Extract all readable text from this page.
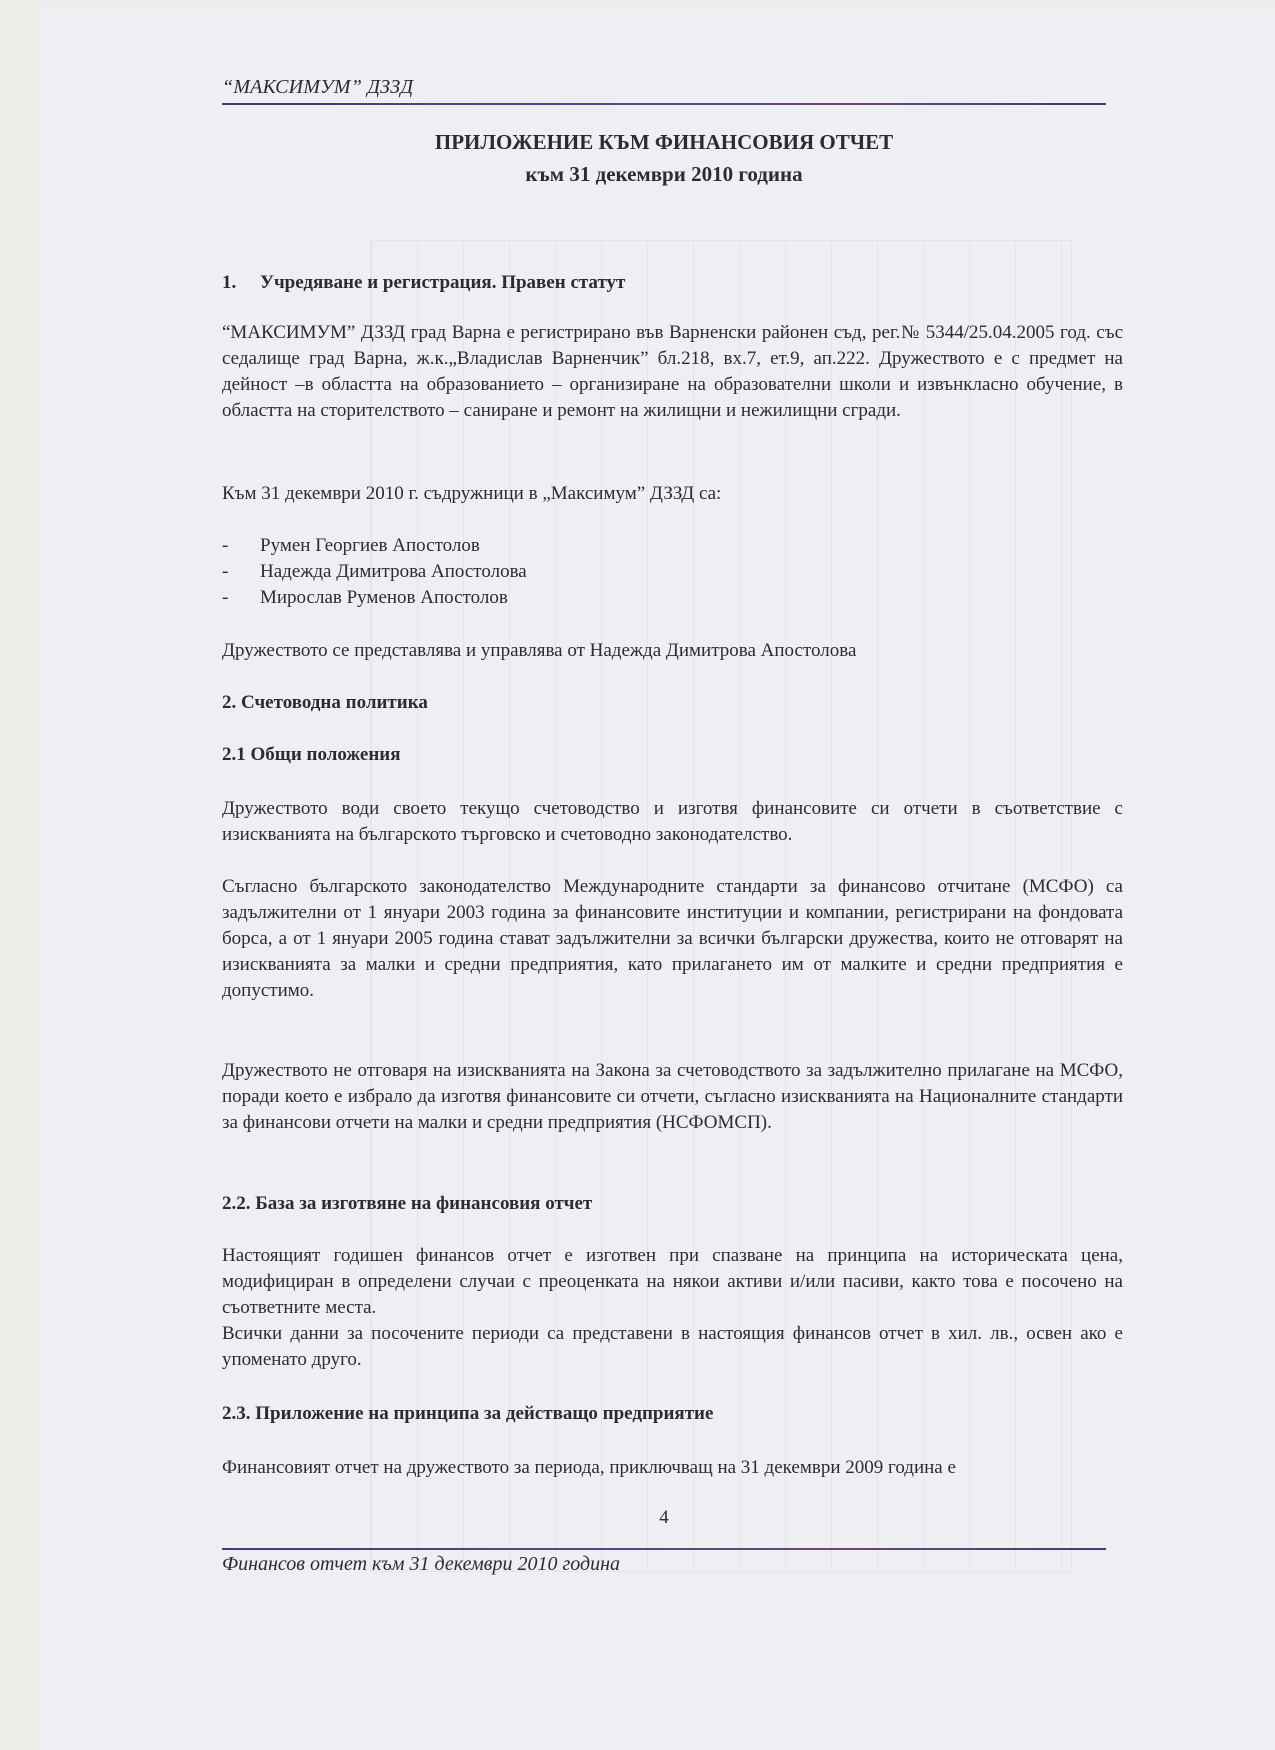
“МАКСИМУМ” ДЗЗД
ПРИЛОЖЕНИЕ КЪМ ФИНАНСОВИЯ ОТЧЕТ
към 31 декември 2010 година
1. Учредяване и регистрация. Правен статут
“МАКСИМУМ” ДЗЗД град Варна е регистрирано във Варненски районен съд, рег.№ 5344/25.04.2005 год. със седалище град Варна, ж.к.„Владислав Варненчик” бл.218, вх.7, ет.9, ап.222. Дружеството е с предмет на дейност –в областта на образованието – организиране на образователни школи и извънкласно обучение, в областта на сторителството – саниране и ремонт на жилищни и нежилищни сгради.
Към 31 декември 2010 г. съдружници в „Максимум” ДЗЗД са:
-	Румен Георгиев Апостолов
-	Надежда Димитрова Апостолова
-	Мирослав Руменов Апостолов
Дружеството се представлява и управлява от Надежда Димитрова Апостолова
2. Счетоводна политика
2.1 Общи положения
Дружеството води своето текущо счетоводство и изготвя финансовите си отчети в съответствие с изискванията на българското търговско и счетоводно законодателство.
Съгласно българското законодателство Международните стандарти за финансово отчитане (МСФО) са задължителни от 1 януари 2003 година за финансовите институции и компании, регистрирани на фондовата борса, а от 1 януари 2005 година стават задължителни за всички български дружества, които не отговарят на изискванията за малки и средни предприятия, като прилагането им от малките и средни предприятия е допустимо.
Дружеството не отговаря на изискванията на Закона за счетоводството за задължително прилагане на МСФО, поради което е избрало да изготвя финансовите си отчети, съгласно изискванията на Националните стандарти за финансови отчети на малки и средни предприятия (НСФОМСП).
2.2. База за изготвяне на финансовия отчет
Настоящият годишен финансов отчет е изготвен при спазване на принципа на историческата цена, модифициран в определени случаи с преоценката на някои активи и/или пасиви, както това е посочено на съответните места.
Всички данни за посочените периоди са представени в настоящия финансов отчет в хил. лв., освен ако е упоменато друго.
2.3. Приложение на принципа за действащо предприятие
Финансовият отчет на дружеството за периода, приключващ на 31 декември 2009 година е
4
Финансов отчет към 31 декември 2010 година
